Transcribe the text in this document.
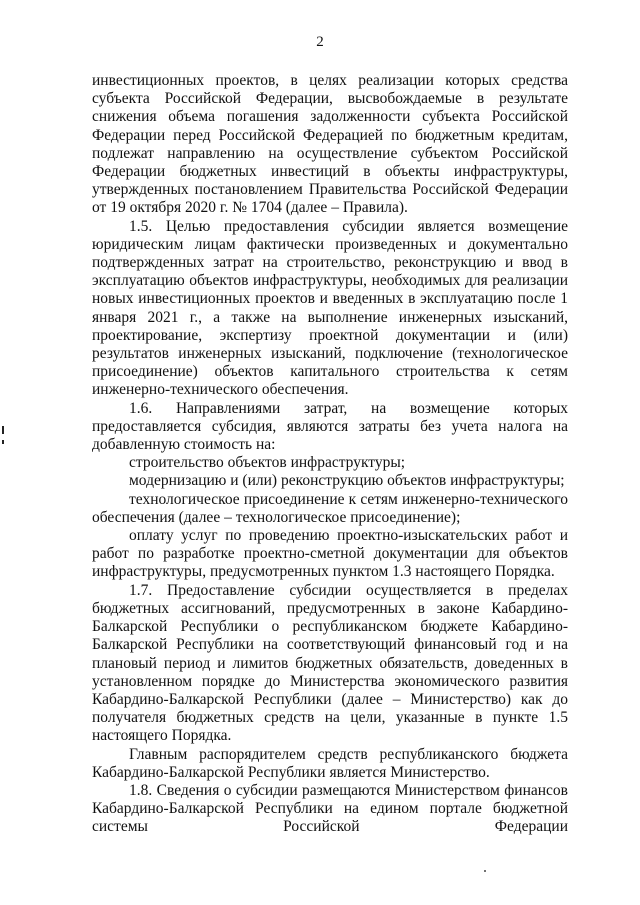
2

инвестиционных проектов, в целях реализации которых средства субъекта Российской Федерации, высвобождаемые в результате снижения объема погашения задолженности субъекта Российской Федерации перед Российской Федерацией по бюджетным кредитам, подлежат направлению на осуществление субъектом Российской Федерации бюджетных инвестиций в объекты инфраструктуры, утвержденных постановлением Правительства Российской Федерации от 19 октября 2020 г. № 1704 (далее – Правила).

1.5. Целью предоставления субсидии является возмещение юридическим лицам фактически произведенных и документально подтвержденных затрат на строительство, реконструкцию и ввод в эксплуатацию объектов инфраструктуры, необходимых для реализации новых инвестиционных проектов и введенных в эксплуатацию после 1 января 2021 г., а также на выполнение инженерных изысканий, проектирование, экспертизу проектной документации и (или) результатов инженерных изысканий, подключение (технологическое присоединение) объектов капитального строительства к сетям инженерно-технического обеспечения.

1.6. Направлениями затрат, на возмещение которых предоставляется субсидия, являются затраты без учета налога на добавленную стоимость на:

строительство объектов инфраструктуры;

модернизацию и (или) реконструкцию объектов инфраструктуры;

технологическое присоединение к сетям инженерно-технического обеспечения (далее – технологическое присоединение);

оплату услуг по проведению проектно-изыскательских работ и работ по разработке проектно-сметной документации для объектов инфраструктуры, предусмотренных пунктом 1.3 настоящего Порядка.

1.7. Предоставление субсидии осуществляется в пределах бюджетных ассигнований, предусмотренных в законе Кабардино-Балкарской Республики о республиканском бюджете Кабардино-Балкарской Республики на соответствующий финансовый год и на плановый период и лимитов бюджетных обязательств, доведенных в установленном порядке до Министерства экономического развития Кабардино-Балкарской Республики (далее – Министерство) как до получателя бюджетных средств на цели, указанные в пункте 1.5 настоящего Порядка.

Главным распорядителем средств республиканского бюджета Кабардино-Балкарской Республики является Министерство.

1.8. Сведения о субсидии размещаются Министерством финансов Кабардино-Балкарской Республики на едином портале бюджетной системы Российской Федерации
